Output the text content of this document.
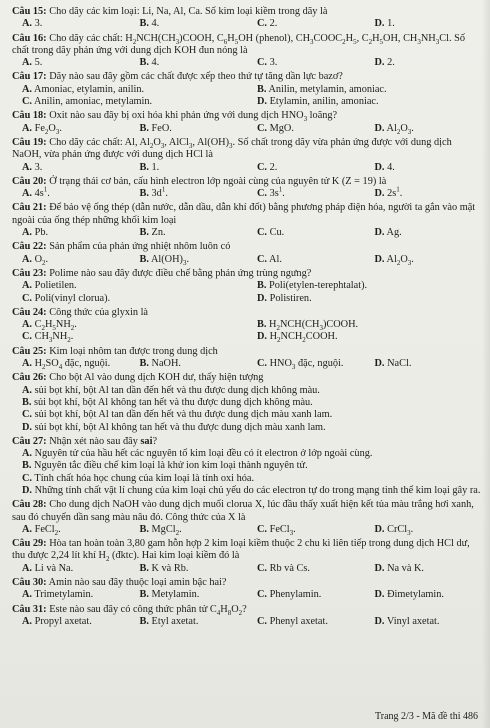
Câu 15: Cho dãy các kim loại: Li, Na, Al, Ca. Số kim loại kiềm trong dãy là
A. 3.	B. 4.	C. 2.	D. 1.
Câu 16: Cho dãy các chất: $H_2NCH(CH_3)COOH$, $C_6H_5OH$ (phenol), $CH_3COOC_2H_5$, $C_2H_5OH$, $CH_3NH_3Cl$. Số chất trong dãy phản ứng với dung dịch KOH đun nóng là
A. 5.	B. 4.	C. 3.	D. 2.
Câu 17: Dãy nào sau đây gồm các chất được xếp theo thứ tự tăng dần lực bazơ?
A. Amoniac, etylamin, anilin.	B. Anilin, metylamin, amoniac.
C. Anilin, amoniac, metylamin.	D. Etylamin, anilin, amoniac.
Câu 18: Oxit nào sau đây bị oxi hóa khi phản ứng với dung dịch $HNO_3$ loãng?
A. $Fe_2O_3$.	B. FeO.	C. MgO.	D. $Al_2O_3$.
Câu 19: Cho dãy các chất: Al, $Al_2O_3$, AlCl$_3$, $Al(OH)_3$. Số chất trong dãy vừa phản ứng được với dung dịch NaOH, vừa phản ứng được với dung dịch HCl là
A. 3.	B. 1.	C. 2.	D. 4.
Câu 20: Ở trạng thái cơ bản, cấu hình electron lớp ngoài cùng của nguyên tử K (Z = 19) là
A. $4s^1$.	B. $3d^1$.	C. $3s^1$.	D. $2s^1$.
Câu 21: Để bảo vệ ống thép (dẫn nước, dẫn dầu, dẫn khí đốt) bằng phương pháp điện hóa, người ta gắn vào mặt ngoài của ống thép những khối kim loại
A. Pb.	B. Zn.	C. Cu.	D. Ag.
Câu 22: Sản phẩm của phản ứng nhiệt nhôm luôn có
A. $O_2$.	B. $Al(OH)_3$.	C. Al.	D. $Al_2O_3$.
Câu 23: Polime nào sau đây được điều chế bằng phản ứng trùng ngưng?
A. Polietilen.	B. Poli(etylen-terephtalat).
C. Poli(vinyl clorua).	D. Polistiren.
Câu 24: Công thức của glyxin là
A. $C_2H_5NH_2$.	B. $H_2NCH(CH_3)COOH$.
C. $CH_3NH_2$.	D. $H_2NCH_2COOH$.
Câu 25: Kim loại nhôm tan được trong dung dịch
A. $H_2SO_4$ đặc, nguội.	B. NaOH.	C. $HNO_3$ đặc, nguội.	D. NaCl.
Câu 26: Cho bột Al vào dung dịch KOH dư, thấy hiện tượng
A. sủi bọt khí, bột Al tan dần đến hết và thu được dung dịch không màu.
B. sủi bọt khí, bột Al không tan hết và thu được dung dịch không màu.
C. sủi bọt khí, bột Al tan dần đến hết và thu được dung dịch màu xanh lam.
D. sủi bọt khí, bột Al không tan hết và thu được dung dịch màu xanh lam.
Câu 27: Nhận xét nào sau đây sai?
A. Nguyên tử của hầu hết các nguyên tố kim loại đều có ít electron ở lớp ngoài cùng.
B. Nguyên tắc điều chế kim loại là khử ion kim loại thành nguyên tử.
C. Tính chất hóa học chung của kim loại là tính oxi hóa.
D. Những tính chất vật lí chung của kim loại chủ yếu do các electron tự do trong mạng tinh thể kim loại gây ra.
Câu 28: Cho dung dịch NaOH vào dung dịch muối clorua X, lúc đầu thấy xuất hiện kết tủa màu trắng hơi xanh, sau đó chuyển dần sang màu nâu đỏ. Công thức của X là
A. FeCl$_2$.	B. MgCl$_2$.	C. FeCl$_3$.	D. CrCl$_3$.
Câu 29: Hòa tan hoàn toàn 3,80 gam hỗn hợp 2 kim loại kiềm thuộc 2 chu kì liên tiếp trong dung dịch HCl dư, thu được 2,24 lít khí $H_2$ (đktc). Hai kim loại kiềm đó là
A. Li và Na.	B. K và Rb.	C. Rb và Cs.	D. Na và K.
Câu 30: Amin nào sau đây thuộc loại amin bậc hai?
A. Trimetylamin.	B. Metylamin.	C. Phenylamin.	D. Đimetylamin.
Câu 31: Este nào sau đây có công thức phân tử $C_4H_8O_2$?
A. Propyl axetat.	B. Etyl axetat.	C. Phenyl axetat.	D. Vinyl axetat.
Trang 2/3 - Mã đề thi 486
